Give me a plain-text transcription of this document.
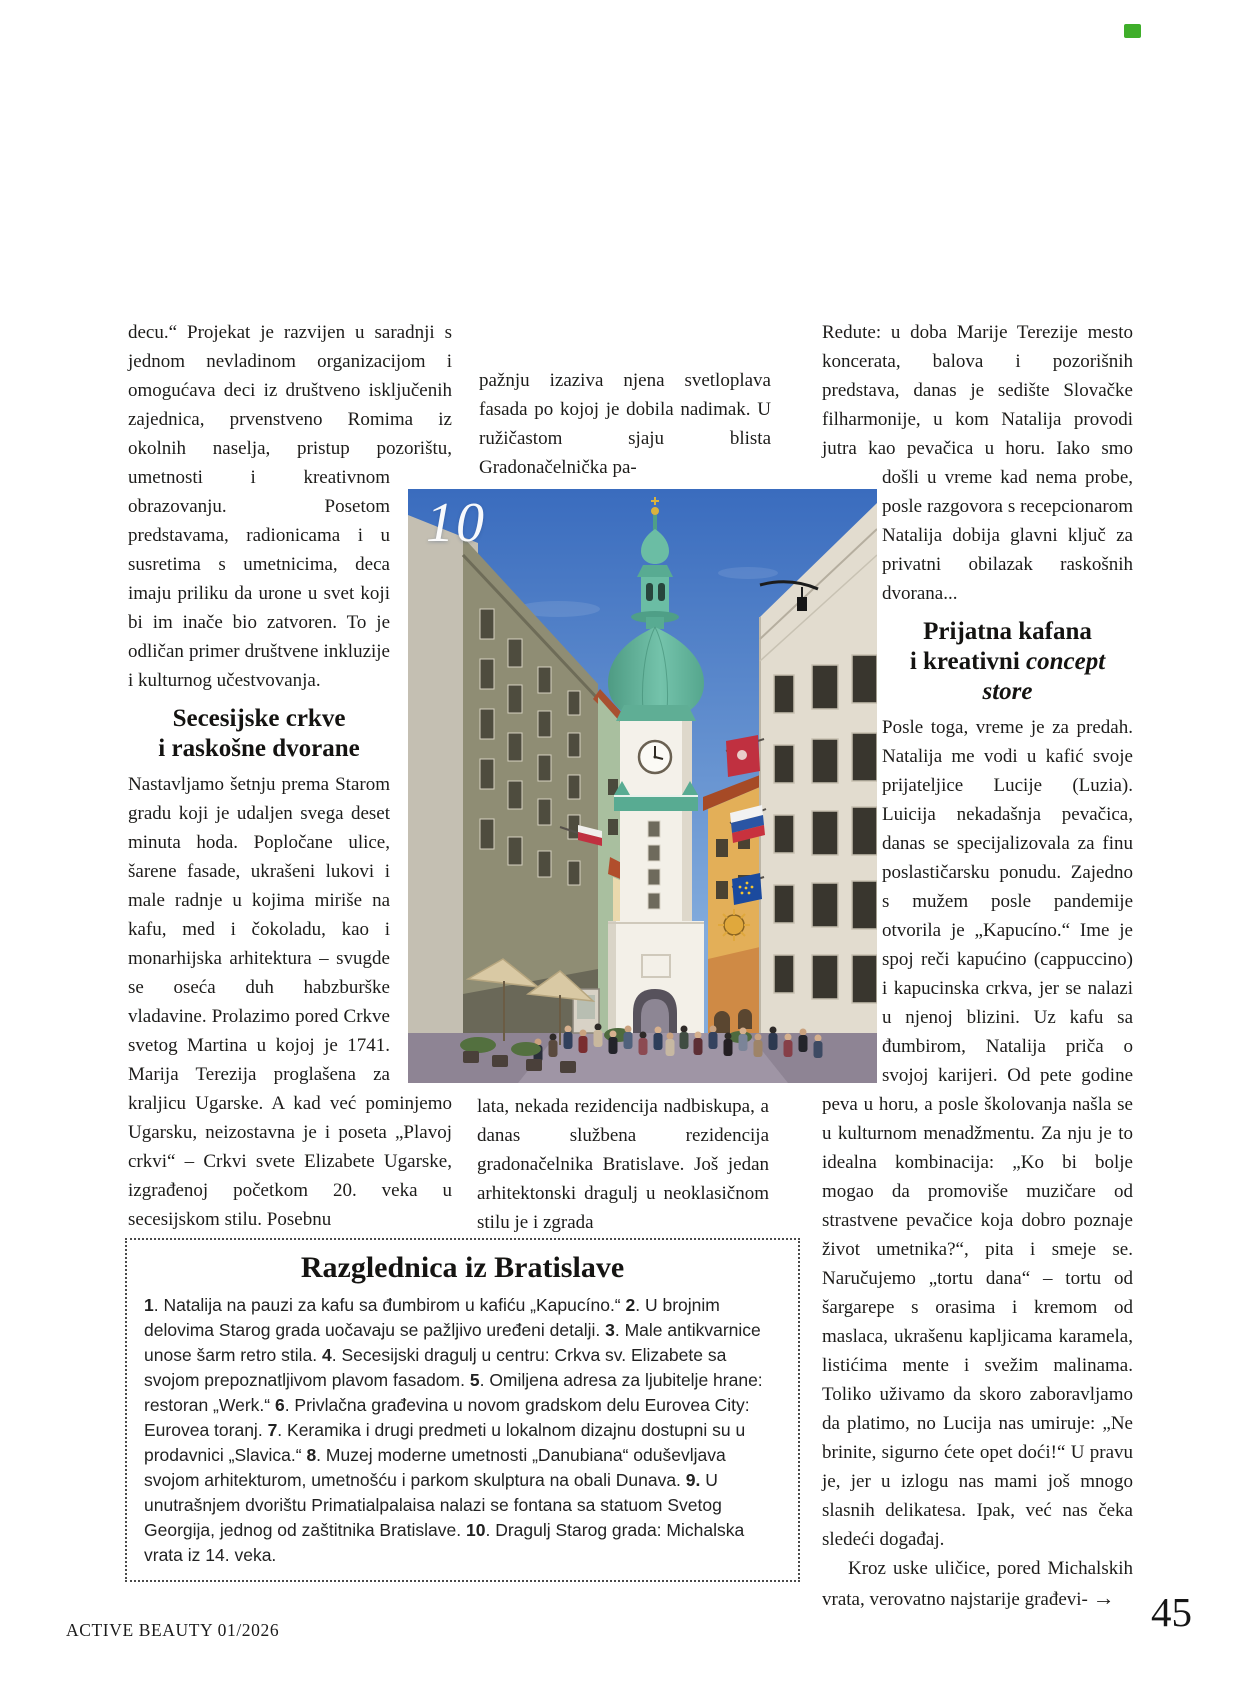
decu.“ Projekat je razvijen u saradnji s jednom nevladinom organizacijom i omogućava deci iz društveno isključenih zajednica, prvenstveno Romima iz okolnih naselja, pristup pozorištu, umetnosti i kreativnom obrazovanju. Posetom predstavama, radionicama i u susretima s umetnicima, deca imaju priliku da urone u svet koji bi im inače bio zatvoren. To je odličan primer društvene inkluzije i kulturnog učestvovanja.

Secesijske crkve
i raskošne dvorane

Nastavljamo šetnju prema Starom gradu koji je udaljen svega deset minuta hoda. Popločane ulice, šarene fasade, ukrašeni lukovi i male radnje u kojima miriše na kafu, med i čokoladu, kao i monarhijska arhitektura – svugde se oseća duh habzburške vladavine. Prolazimo pored Crkve svetog Martina u kojoj je 1741. Marija Terezija proglašena za kraljicu Ugarske. A kad već pominjemo Ugarsku, neizostavna je i poseta „Plavoj crkvi“ – Crkvi svete Elizabete Ugarske, izgrađenoj početkom 20. veka u secesijskom stilu. Posebnu

pažnju izaziva njena svetloplava fasada po kojoj je dobila nadimak. U ružičastom sjaju blista Gradonačelnička pa-

lata, nekada rezidencija nadbiskupa, a danas službena rezidencija gradonačelnika Bratislave. Još jedan arhitektonski dragulj u neoklasičnom stilu je i zgrada

Redute: u doba Marije Terezije mesto koncerata, balova i pozorišnih predstava, danas je sedište Slovačke filharmonije, u kom Natalija provodi jutra kao pevačica u horu. Iako smo došli u vreme kad nema probe, posle razgovora s recepcionarom Natalija dobija glavni ključ za privatni obilazak raskošnih dvorana...

Prijatna kafana
i kreativni concept
store

Posle toga, vreme je za predah. Natalija me vodi u kafić svoje prijateljice Lucije (Luzia). Luicija nekadašnja pevačica, danas se specijalizovala za finu poslastičarsku ponudu. Zajedno s mužem posle pandemije otvorila je „Kapucíno.“ Ime je spoj reči kapućino (cappuccino) i kapucinska crkva, jer se nalazi u njenoj blizini. Uz kafu sa đumbirom, Natalija priča o svojoj karijeri. Od pete godine peva u horu, a posle školovanja našla se u kulturnom menadžmentu. Za nju je to idealna kombinacija: „Ko bi bolje mogao da promoviše muzičare od strastvene pevačice koja dobro poznaje život umetnika?“, pita i smeje se. Naručujemo „tortu dana“ – tortu od šargarepe s orasima i kremom od maslaca, ukrašenu kapljicama karamela, listićima mente i svežim malinama. Toliko uživamo da skoro zaboravljamo da platimo, no Lucija nas umiruje: „Ne brinite, sigurno ćete opet doći!“ U pravu je, jer u izlogu nas mami još mnogo slasnih delikatesa. Ipak, već nas čeka sledeći događaj.

Kroz uske uličice, pored Michalskih vrata, verovatno najstarije građevi- →

10
Razglednica iz Bratislave
1. Natalija na pauzi za kafu sa đumbirom u kafiću „Kapucíno.“ 2. U brojnim delovima Starog grada uočavaju se pažljivo uređeni detalji. 3. Male antikvarnice unose šarm retro stila. 4. Secesijski dragulj u centru: Crkva sv. Elizabete sa svojom prepoznatljivom plavom fasadom. 5. Omiljena adresa za ljubitelje hrane: restoran „Werk.“ 6. Privlačna građevina u novom gradskom delu Eurovea City: Eurovea toranj. 7. Keramika i drugi predmeti u lokalnom dizajnu dostupni su u prodavnici „Slavica.“ 8. Muzej moderne umetnosti „Danubiana“ oduševljava svojom arhitekturom, umetnošću i parkom skulptura na obali Dunava. 9. U unutrašnjem dvorištu Primatialpalaisa nalazi se fontana sa statuom Svetog Georgija, jednog od zaštitnika Bratislave. 10. Dragulj Starog grada: Michalska vrata iz 14. veka.
ACTIVE BEAUTY 01/2026	45
